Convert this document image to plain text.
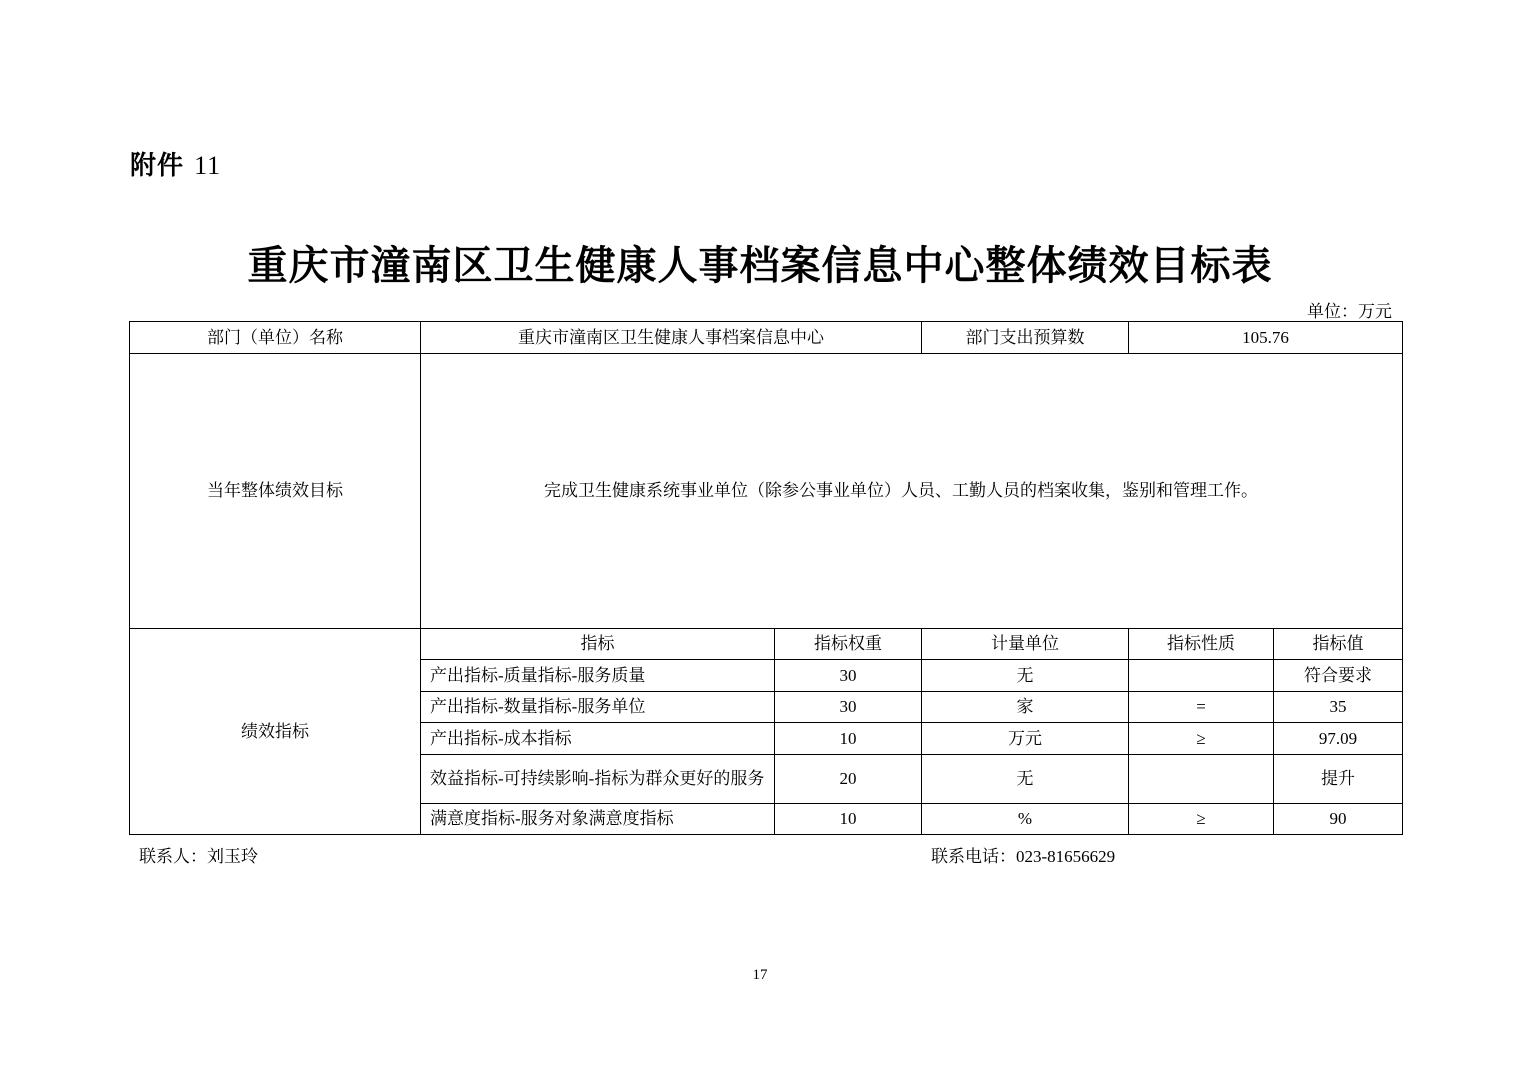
附件 11
重庆市潼南区卫生健康人事档案信息中心整体绩效目标表
单位：万元
部门（单位）名称	重庆市潼南区卫生健康人事档案信息中心		部门支出预算数	105.76	
当年整体绩效目标	完成卫生健康系统事业单位（除参公事业单位）人员、工勤人员的档案收集，鉴别和管理工作。				
绩效指标	指标	指标权重	计量单位	指标性质	指标值
	产出指标-质量指标-服务质量	30	无		符合要求
	产出指标-数量指标-服务单位	30	家	=	35
	产出指标-成本指标	10	万元	≥	97.09
	效益指标-可持续影响-指标为群众更好的服务	20	无		提升
	满意度指标-服务对象满意度指标	10	%	≥	90
联系人：刘玉玲	联系电话：023-81656629
17
